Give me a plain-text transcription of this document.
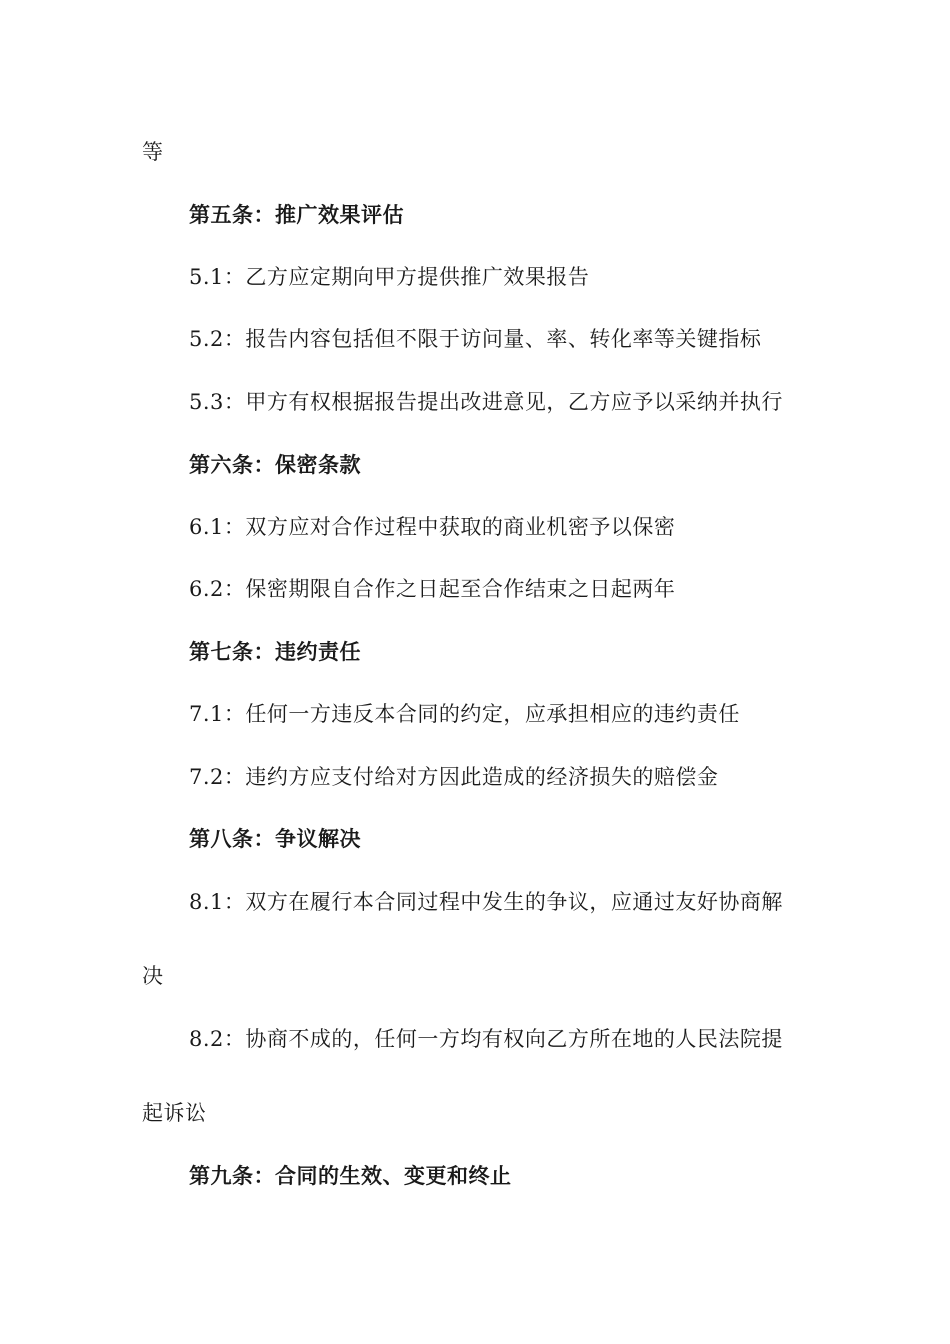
等
第五条：推广效果评估
5.1：乙方应定期向甲方提供推广效果报告
5.2：报告内容包括但不限于访问量、率、转化率等关键指标
5.3：甲方有权根据报告提出改进意见，乙方应予以采纳并执行
第六条：保密条款
6.1：双方应对合作过程中获取的商业机密予以保密
6.2：保密期限自合作之日起至合作结束之日起两年
第七条：违约责任
7.1：任何一方违反本合同的约定，应承担相应的违约责任
7.2：违约方应支付给对方因此造成的经济损失的赔偿金
第八条：争议解决
8.1：双方在履行本合同过程中发生的争议，应通过友好协商解
决
8.2：协商不成的，任何一方均有权向乙方所在地的人民法院提
起诉讼
第九条：合同的生效、变更和终止
